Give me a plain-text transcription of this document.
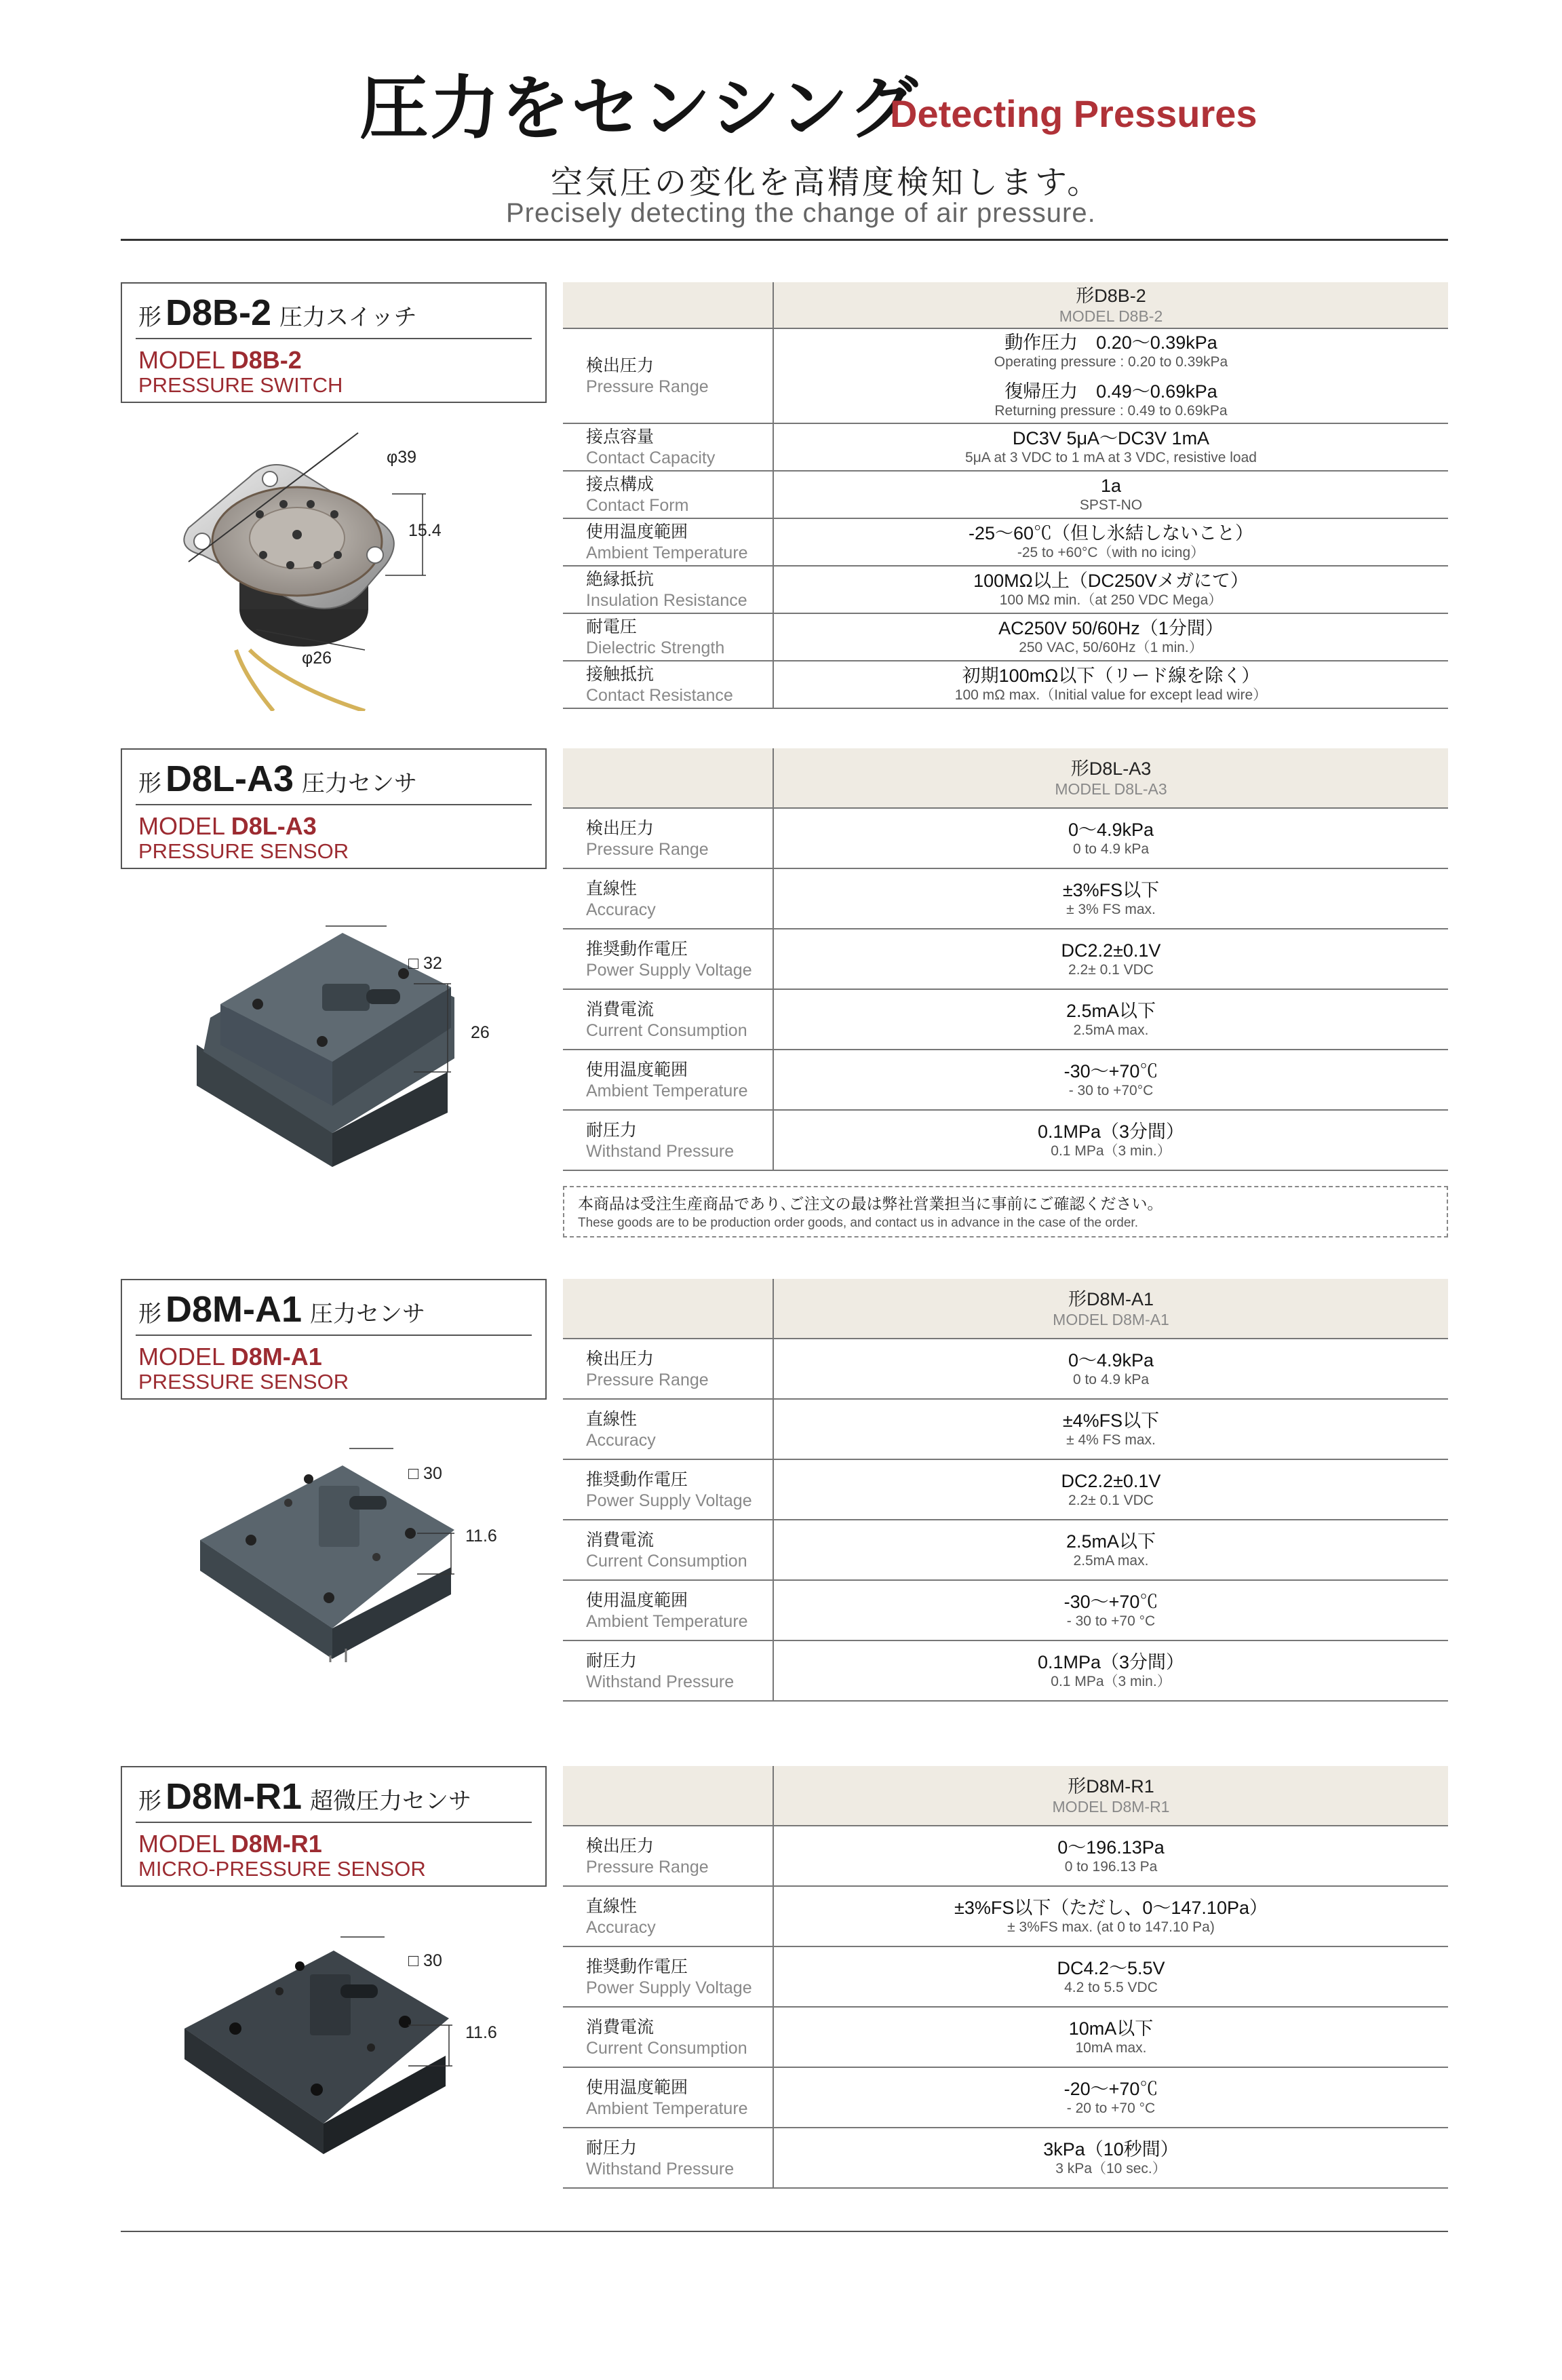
圧力をセンシング
Detecting Pressures
空気圧の変化を高精度検知します。
Precisely detecting the change of air pressure.
形 D8B-2 圧力スイッチ
MODEL D8B-2
PRESSURE SWITCH
φ39
15.4
φ26

	形D8B-2
MODEL D8B-2

検出圧力
Pressure Range	動作圧力　0.20～0.39kPa
Operating pressure : 0.20 to 0.39kPa
復帰圧力　0.49～0.69kPa
Returning pressure : 0.49 to 0.69kPa

接点容量
Contact Capacity	DC3V 5μA～DC3V 1mA
5μA at 3 VDC to 1 mA at 3 VDC, resistive load

接点構成
Contact Form	1a
SPST-NO

使用温度範囲
Ambient Temperature	-25～60℃（但し氷結しないこと）
-25 to +60°C（with no icing）

絶縁抵抗
Insulation Resistance	100MΩ以上（DC250Vメガにて）
100 MΩ min.（at 250 VDC Mega）

耐電圧
Dielectric Strength	AC250V 50/60Hz（1分間）
250 VAC, 50/60Hz（1 min.）

接触抵抗
Contact Resistance	初期100mΩ以下（リード線を除く）
100 mΩ max.（Initial value for except lead wire）
形 D8L-A3 圧力センサ
MODEL D8L-A3
PRESSURE SENSOR
□ 32
26

	形D8L-A3
MODEL D8L-A3

検出圧力
Pressure Range	0～4.9kPa
0 to 4.9 kPa

直線性
Accuracy	±3%FS以下
± 3% FS max.

推奨動作電圧
Power Supply Voltage	DC2.2±0.1V
2.2± 0.1 VDC

消費電流
Current Consumption	2.5mA以下
2.5mA max.

使用温度範囲
Ambient Temperature	-30～+70℃
- 30 to +70°C

耐圧力
Withstand Pressure	0.1MPa（3分間）
0.1 MPa（3 min.）
本商品は受注生産商品であり､ご注文の最は弊社営業担当に事前にご確認ください。
These goods are to be production order goods, and contact us in advance in the case of the order.
形 D8M-A1 圧力センサ
MODEL D8M-A1
PRESSURE SENSOR
□ 30
11.6

	形D8M-A1
MODEL D8M-A1

検出圧力
Pressure Range	0～4.9kPa
0 to 4.9 kPa

直線性
Accuracy	±4%FS以下
± 4% FS max.

推奨動作電圧
Power Supply Voltage	DC2.2±0.1V
2.2± 0.1 VDC

消費電流
Current Consumption	2.5mA以下
2.5mA max.

使用温度範囲
Ambient Temperature	-30～+70℃
- 30 to +70 °C

耐圧力
Withstand Pressure	0.1MPa（3分間）
0.1 MPa（3 min.）
形 D8M-R1 超微圧力センサ
MODEL D8M-R1
MICRO-PRESSURE SENSOR
□ 30
11.6

	形D8M-R1
MODEL D8M-R1

検出圧力
Pressure Range	0～196.13Pa
0 to 196.13 Pa

直線性
Accuracy	±3%FS以下（ただし、0～147.10Pa）
± 3%FS max. (at 0 to 147.10 Pa)

推奨動作電圧
Power Supply Voltage	DC4.2～5.5V
4.2 to 5.5 VDC

消費電流
Current Consumption	10mA以下
10mA max.

使用温度範囲
Ambient Temperature	-20～+70℃
- 20 to +70 °C

耐圧力
Withstand Pressure	3kPa（10秒間）
3 kPa（10 sec.）
